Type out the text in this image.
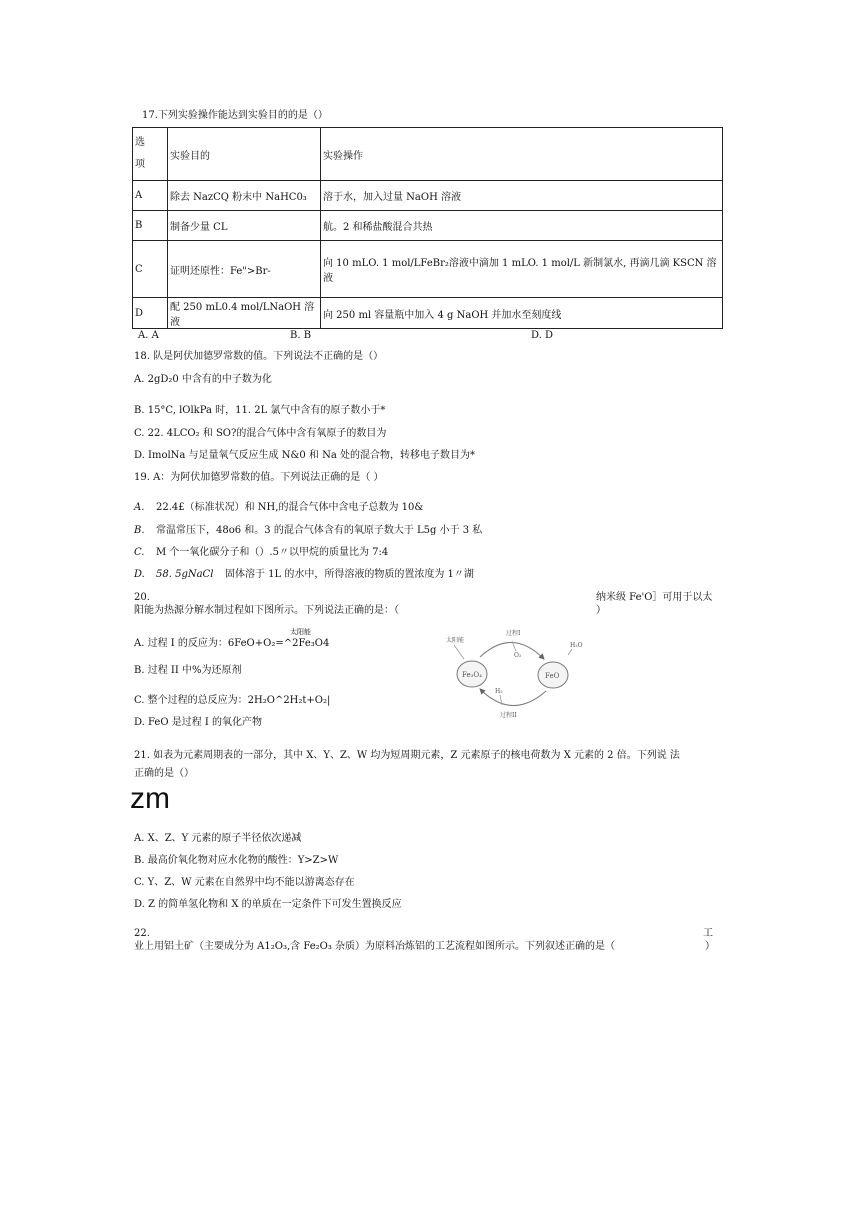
17.下列实验操作能达到实验目的的是（）
选
项	实验目的	实验操作
A	除去 NazCQ 粉末中 NaHC0₃	溶于水，加入过量 NaOH 溶液
B	制备少量 CL	航。2 和稀盐酸混合共热
C	证明还原性：Fe">Br-	向 10 mLO. 1 mol/LFeBr₂溶液中滴加 1 mLO. 1 mol/L 新制氯水, 再滴几滴 KSCN 溶液
D	配 250 mL0.4 mol/LNaOH 溶液	向 250 ml 容量瓶中加入 4 g NaOH 并加水至刻度线
A. A	B. B	D. D
18. 队是阿伏加德罗常数的值。下列说法不正确的是（）
A. 2gD₂0 中含有的中子数为化
B. 15°C, lOlkPa 时，11. 2L 氯气中含有的原子数小于*
C. 22. 4LCO₂ 和 SO?的混合气体中含有氧原子的数目为
D. ImolNa 与足量氧气反应生成 N&0 和 Na 处的混合物，转移电子数目为*
19. A：为阿伏加德罗常数的值。下列说法正确的是（ ）
A. 22.4£（标准状况）和 NH,的混合气体中含电子总数为 10&
B. 常温常压下，48o6 和。3 的混合气体含有的氧原子数大于 L5g 小于 3 私
C. M 个一氧化碳分子和（）.5〃以甲烷的质量比为 7:4
D. 58. 5gNaCl 固体溶于 1L 的水中，所得溶液的物质的置浓度为 1〃湖
20.	纳米级 Fe'O］可用于以太
阳能为热源分解水制过程如下图所示。下列说法正确的是：（	）
太阳能
A. 过程 I 的反应为：6FeO+O₂=^2Fe₃O4
B. 过程 II 中%为还原剂
C. 整个过程的总反应为：2H₂O^2H₂t+O₂|
D. FeO 是过程 I 的氧化产物
太阳能
过程I
O₂
H₂O
Fe₃O₄	FeO
H₂
过程II
21. 如表为元素周期表的一部分，其中 X、Y、Z、W 均为短周期元素，Z 元素原子的核电荷数为 X 元素的 2 倍。下列说 法
正确的是（）
zm
A. X、Z、Y 元素的原子半径依次递减
B. 最高价氧化物对应水化物的酸性：Y>Z>W
C. Y、Z、W 元素在自然界中均不能以游离态存在
D. Z 的简单氢化物和 X 的单质在一定条件下可发生置换反应
22.	工
业上用铝土矿（主要成分为 A1₂O₃,含 Fe₂O₃ 杂质）为原料冶炼铝的工艺流程如图所示。下列叙述正确的是（	）
